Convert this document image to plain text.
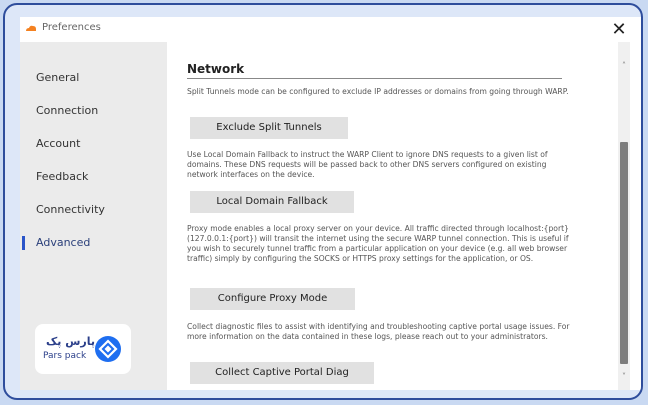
Preferences	✕
General
Connection
Account
Feedback
Connectivity
Advanced
پارس پک
Pars pack
Network
Split Tunnels mode can be configured to exclude IP addresses or domains from going through WARP.
Exclude Split Tunnels
Use Local Domain Fallback to instruct the WARP Client to ignore DNS requests to a given list of domains. These DNS requests will be passed back to other DNS servers configured on existing network interfaces on the device.
Local Domain Fallback
Proxy mode enables a local proxy server on your device. All traffic directed through localhost:{port} (127.0.0.1:{port}) will transit the internet using the secure WARP tunnel connection. This is useful if you wish to securely tunnel traffic from a particular application on your device (e.g. all web browser traffic) simply by configuring the SOCKS or HTTPS proxy settings for the application, or OS.
Configure Proxy Mode
Collect diagnostic files to assist with identifying and troubleshooting captive portal usage issues. For more information on the data contained in these logs, please reach out to your administrators.
Collect Captive Portal Diag
˄
˅
